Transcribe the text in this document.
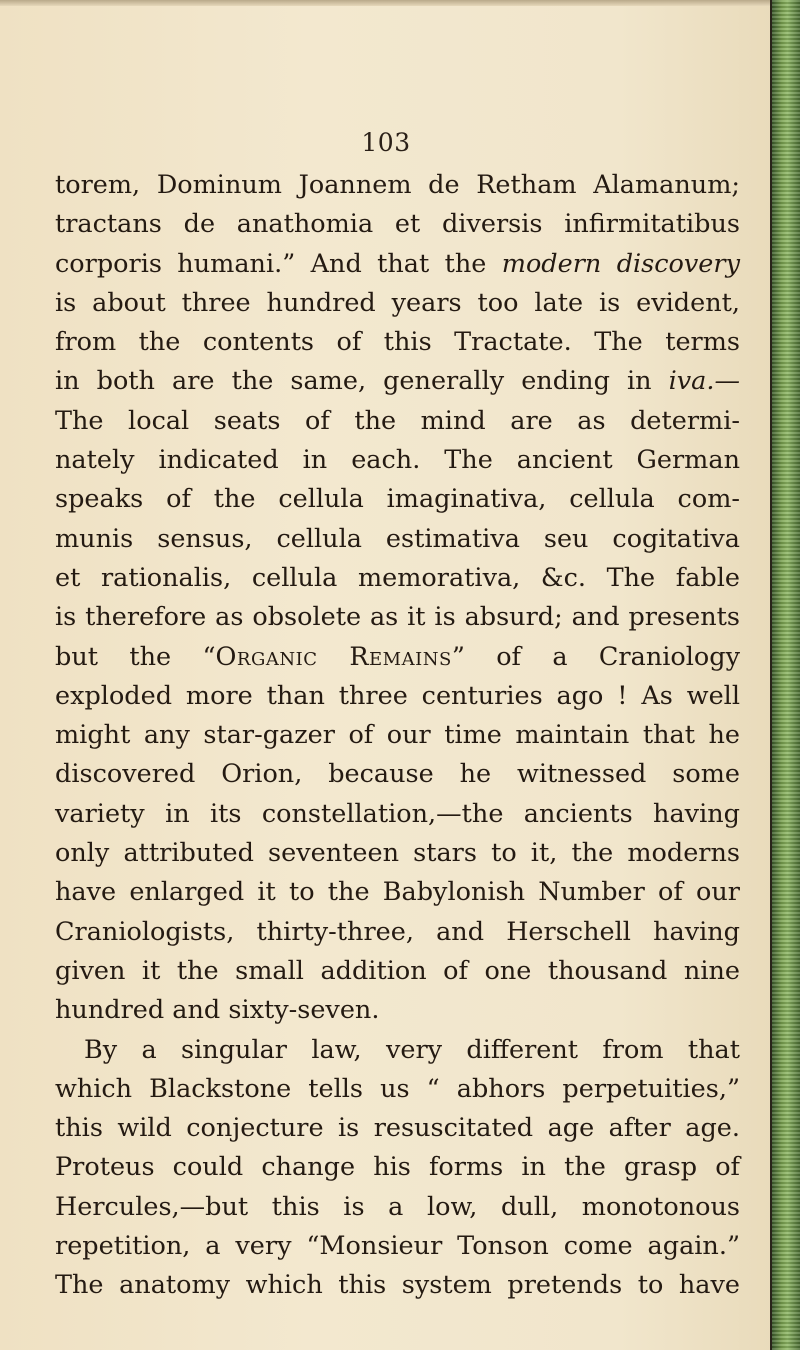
103
torem, Dominum Joannem de Retham Alamanum;
tractans de anathomia et diversis infirmitatibus
corporis humani.” And that the modern discovery
is about three hundred years too late is evident,
from the contents of this Tractate. The terms
in both are the same, generally ending in iva.—
The local seats of the mind are as determi-
nately indicated in each. The ancient German
speaks of the cellula imaginativa, cellula com-
munis sensus, cellula estimativa seu cogitativa
et rationalis, cellula memorativa, &c. The fable
is therefore as obsolete as it is absurd; and presents
but the “Organic Remains” of a Craniology
exploded more than three centuries ago ! As well
might any star-gazer of our time maintain that he
discovered Orion, because he witnessed some
variety in its constellation,—the ancients having
only attributed seventeen stars to it, the moderns
have enlarged it to the Babylonish Number of our
Craniologists, thirty-three, and Herschell having
given it the small addition of one thousand nine
hundred and sixty-seven.
By a singular law, very different from that
which Blackstone tells us “ abhors perpetuities,”
this wild conjecture is resuscitated age after age.
Proteus could change his forms in the grasp of
Hercules,—but this is a low, dull, monotonous
repetition, a very “Monsieur Tonson come again.”
The anatomy which this system pretends to have
